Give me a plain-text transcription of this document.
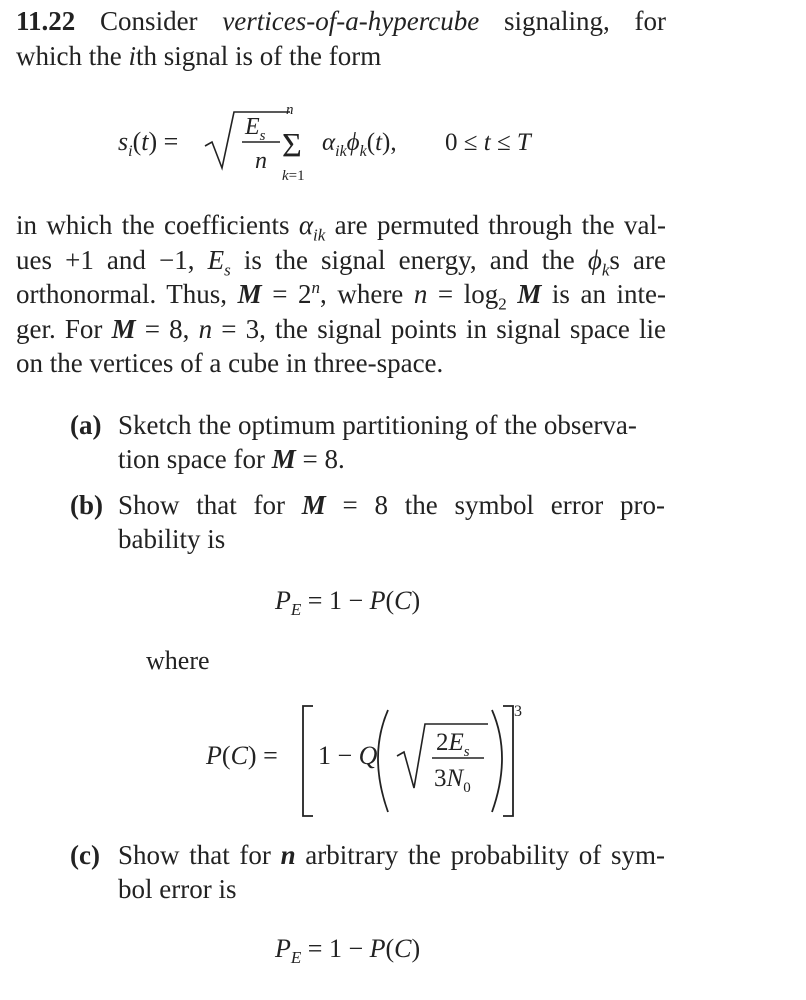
11.22 Consider vertices-of-a-hypercube signaling, for
which the ith signal is of the form
$s_i(t)$ =	$E_s$
n
n
Σ
k=1
$\alpha_{ik}\phi_k(t)$, 0 ≤ t ≤ T
in which the coefficients $\alpha_{ik}$ are permuted through the val-
ues +1 and −1, $E_s$ is the signal energy, and the $\phi_ks$ are
orthonormal. Thus, $M = 2^n$, where $n = \log_2 M$ is an inte-
ger. For M = 8, n = 3, the signal points in signal space lie
on the vertices of a cube in three-space.
(a) Sketch the optimum partitioning of the observa-
tion space for M = 8.
(b) Show that for M = 8 the symbol error pro-
bability is
$P_E = 1 - P(C)$
where
P(C) = 1 − Q $2E_s$
$3N_0$
3
(c) Show that for n arbitrary the probability of sym-
bol error is
$P_E = 1 - P(C)$
